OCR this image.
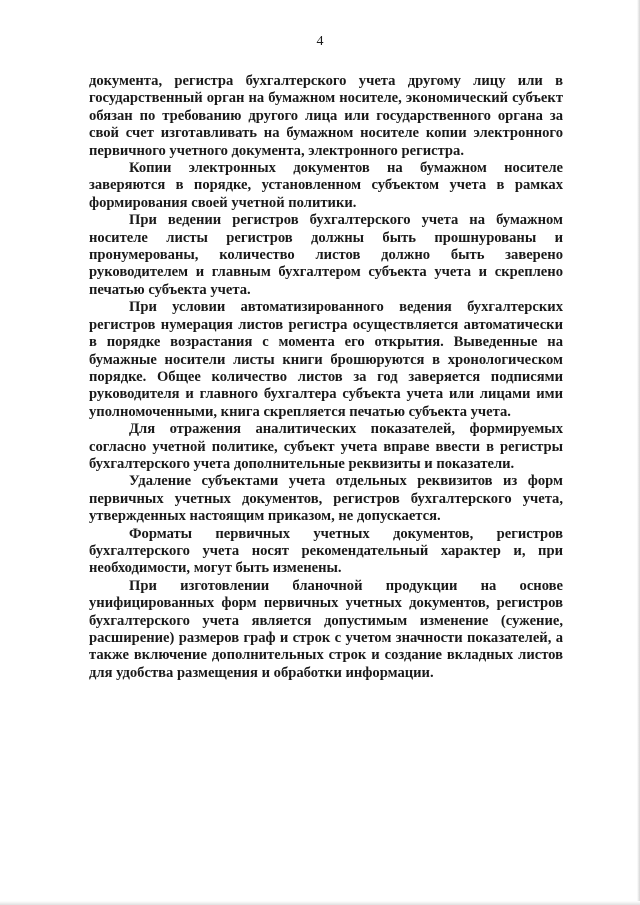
4

документа, регистра бухгалтерского учета другому лицу или в государственный орган на бумажном носителе, экономический субъект обязан по требованию другого лица или государственного органа за свой счет изготавливать на бумажном носителе копии электронного первичного учетного документа, электронного регистра.

Копии электронных документов на бумажном носителе заверяются в порядке, установленном субъектом учета в рамках формирования своей учетной политики.

При ведении регистров бухгалтерского учета на бумажном носителе листы регистров должны быть прошнурованы и пронумерованы, количество листов должно быть заверено руководителем и главным бухгалтером субъекта учета и скреплено печатью субъекта учета.

При условии автоматизированного ведения бухгалтерских регистров нумерация листов регистра осуществляется автоматически в порядке возрастания с момента его открытия. Выведенные на бумажные носители листы книги брошюруются в хронологическом порядке. Общее количество листов за год заверяется подписями руководителя и главного бухгалтера субъекта учета или лицами ими уполномоченными, книга скрепляется печатью субъекта учета.

Для отражения аналитических показателей, формируемых согласно учетной политике, субъект учета вправе ввести в регистры бухгалтерского учета дополнительные реквизиты и показатели.

Удаление субъектами учета отдельных реквизитов из форм первичных учетных документов, регистров бухгалтерского учета, утвержденных настоящим приказом, не допускается.

Форматы первичных учетных документов, регистров бухгалтерского учета носят рекомендательный характер и, при необходимости, могут быть изменены.

При изготовлении бланочной продукции на основе унифицированных форм первичных учетных документов, регистров бухгалтерского учета является допустимым изменение (сужение, расширение) размеров граф и строк с учетом значности показателей, а также включение дополнительных строк и создание вкладных листов для удобства размещения и обработки информации.
